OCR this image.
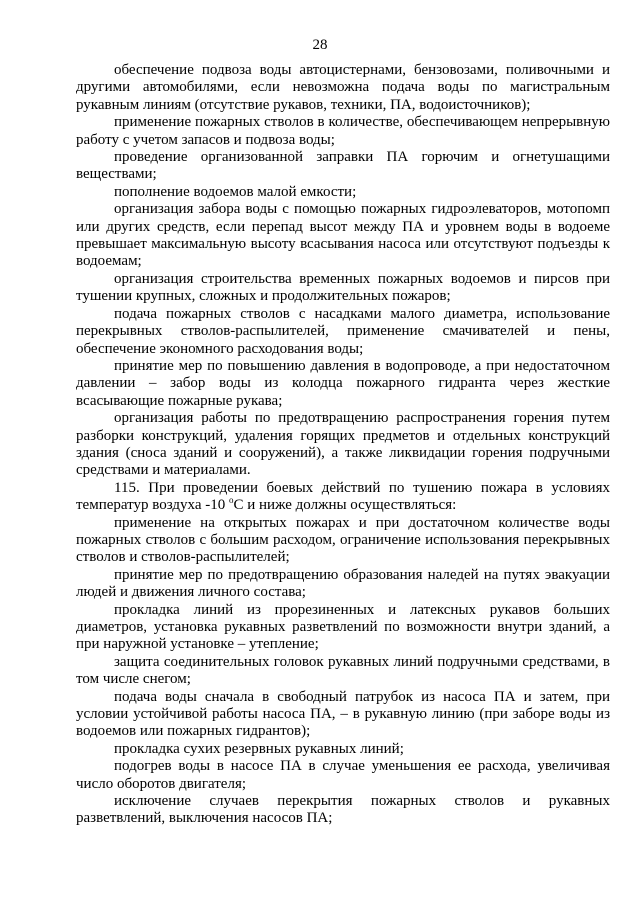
28

обеспечение подвоза воды автоцистернами, бензовозами, поливочными и другими автомобилями, если невозможна подача воды по магистральным рукавным линиям (отсутствие рукавов, техники, ПА, водоисточников);

применение пожарных стволов в количестве, обеспечивающем непрерывную работу с учетом запасов и подвоза воды;

проведение организованной заправки ПА горючим и огнетушащими веществами;

пополнение водоемов малой емкости;

организация забора воды с помощью пожарных гидроэлеваторов, мотопомп или других средств, если перепад высот между ПА и уровнем воды в водоеме превышает максимальную высоту всасывания насоса или отсутствуют подъезды к водоемам;

организация строительства временных пожарных водоемов и пирсов при тушении крупных, сложных и продолжительных пожаров;

подача пожарных стволов с насадками малого диаметра, использование перекрывных стволов-распылителей, применение смачивателей и пены, обеспечение экономного расходования воды;

принятие мер по повышению давления в водопроводе, а при недостаточном давлении – забор воды из колодца пожарного гидранта через жесткие всасывающие пожарные рукава;

организация работы по предотвращению распространения горения путем разборки конструкций, удаления горящих предметов и отдельных конструкций здания (сноса зданий и сооружений), а также ликвидации горения подручными средствами и материалами.

115. При проведении боевых действий по тушению пожара в условиях температур воздуха -10 $^о$С и ниже должны осуществляться:

применение на открытых пожарах и при достаточном количестве воды пожарных стволов с большим расходом, ограничение использования перекрывных стволов и стволов-распылителей;

принятие мер по предотвращению образования наледей на путях эвакуации людей и движения личного состава;

прокладка линий из прорезиненных и латексных рукавов больших диаметров, установка рукавных разветвлений по возможности внутри зданий, а при наружной установке – утепление;

защита соединительных головок рукавных линий подручными средствами, в том числе снегом;

подача воды сначала в свободный патрубок из насоса ПА и затем, при условии устойчивой работы насоса ПА, – в рукавную линию (при заборе воды из водоемов или пожарных гидрантов);

прокладка сухих резервных рукавных линий;

подогрев воды в насосе ПА в случае уменьшения ее расхода, увеличивая число оборотов двигателя;

исключение случаев перекрытия пожарных стволов и рукавных разветвлений, выключения насосов ПА;
